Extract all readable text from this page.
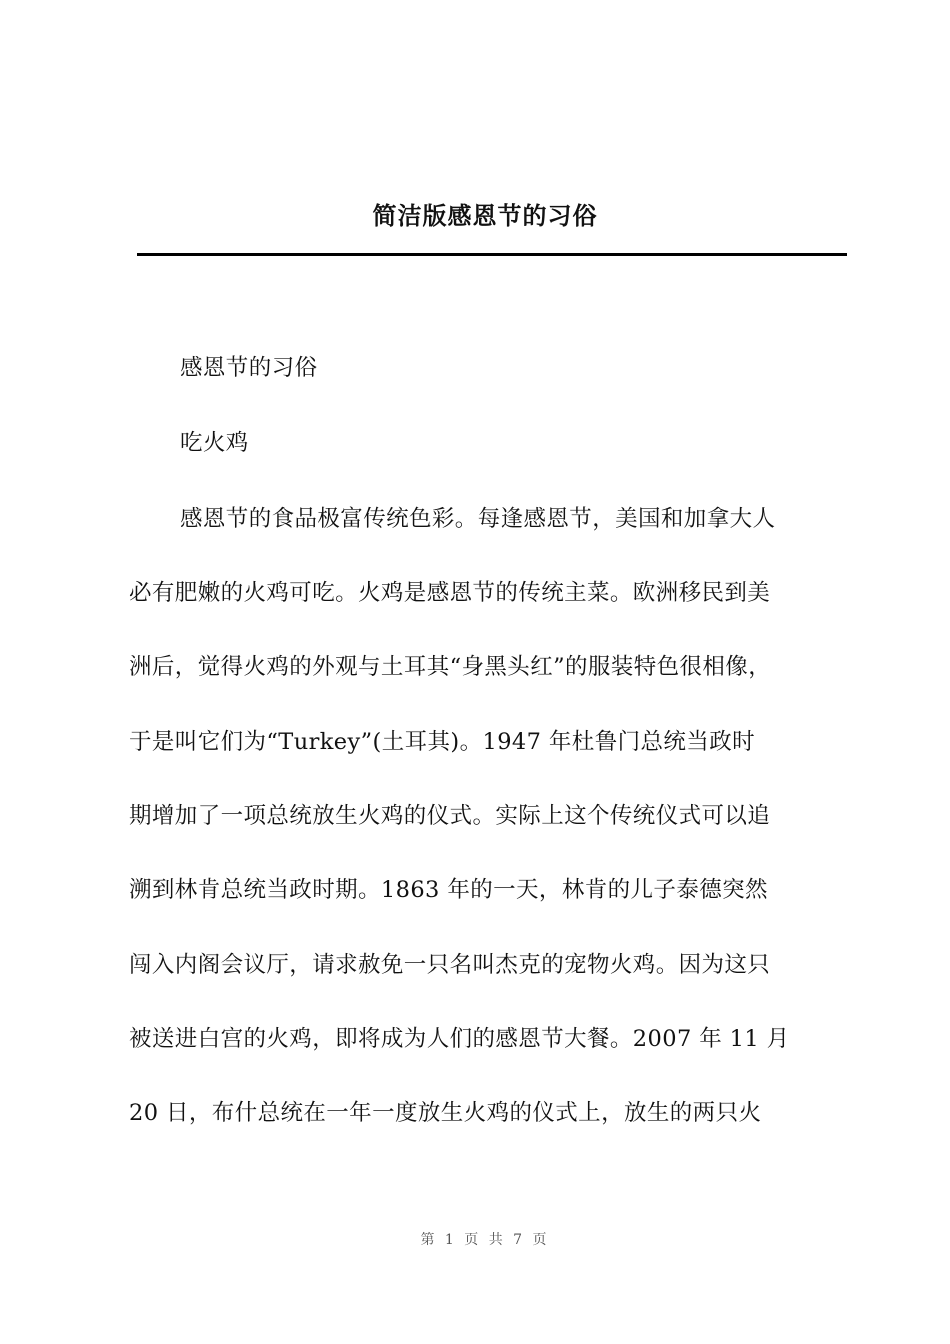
简洁版感恩节的习俗
感恩节的习俗
吃火鸡
感恩节的食品极富传统色彩。每逢感恩节，美国和加拿大人
必有肥嫩的火鸡可吃。火鸡是感恩节的传统主菜。欧洲移民到美
洲后，觉得火鸡的外观与土耳其“身黑头红”的服装特色很相像，
于是叫它们为“Turkey”(土耳其)。1947 年杜鲁门总统当政时
期增加了一项总统放生火鸡的仪式。实际上这个传统仪式可以追
溯到林肯总统当政时期。1863 年的一天，林肯的儿子泰德突然
闯入内阁会议厅，请求赦免一只名叫杰克的宠物火鸡。因为这只
被送进白宫的火鸡，即将成为人们的感恩节大餐。2007 年 11 月
20 日，布什总统在一年一度放生火鸡的仪式上，放生的两只火
第 1 页 共 7 页
